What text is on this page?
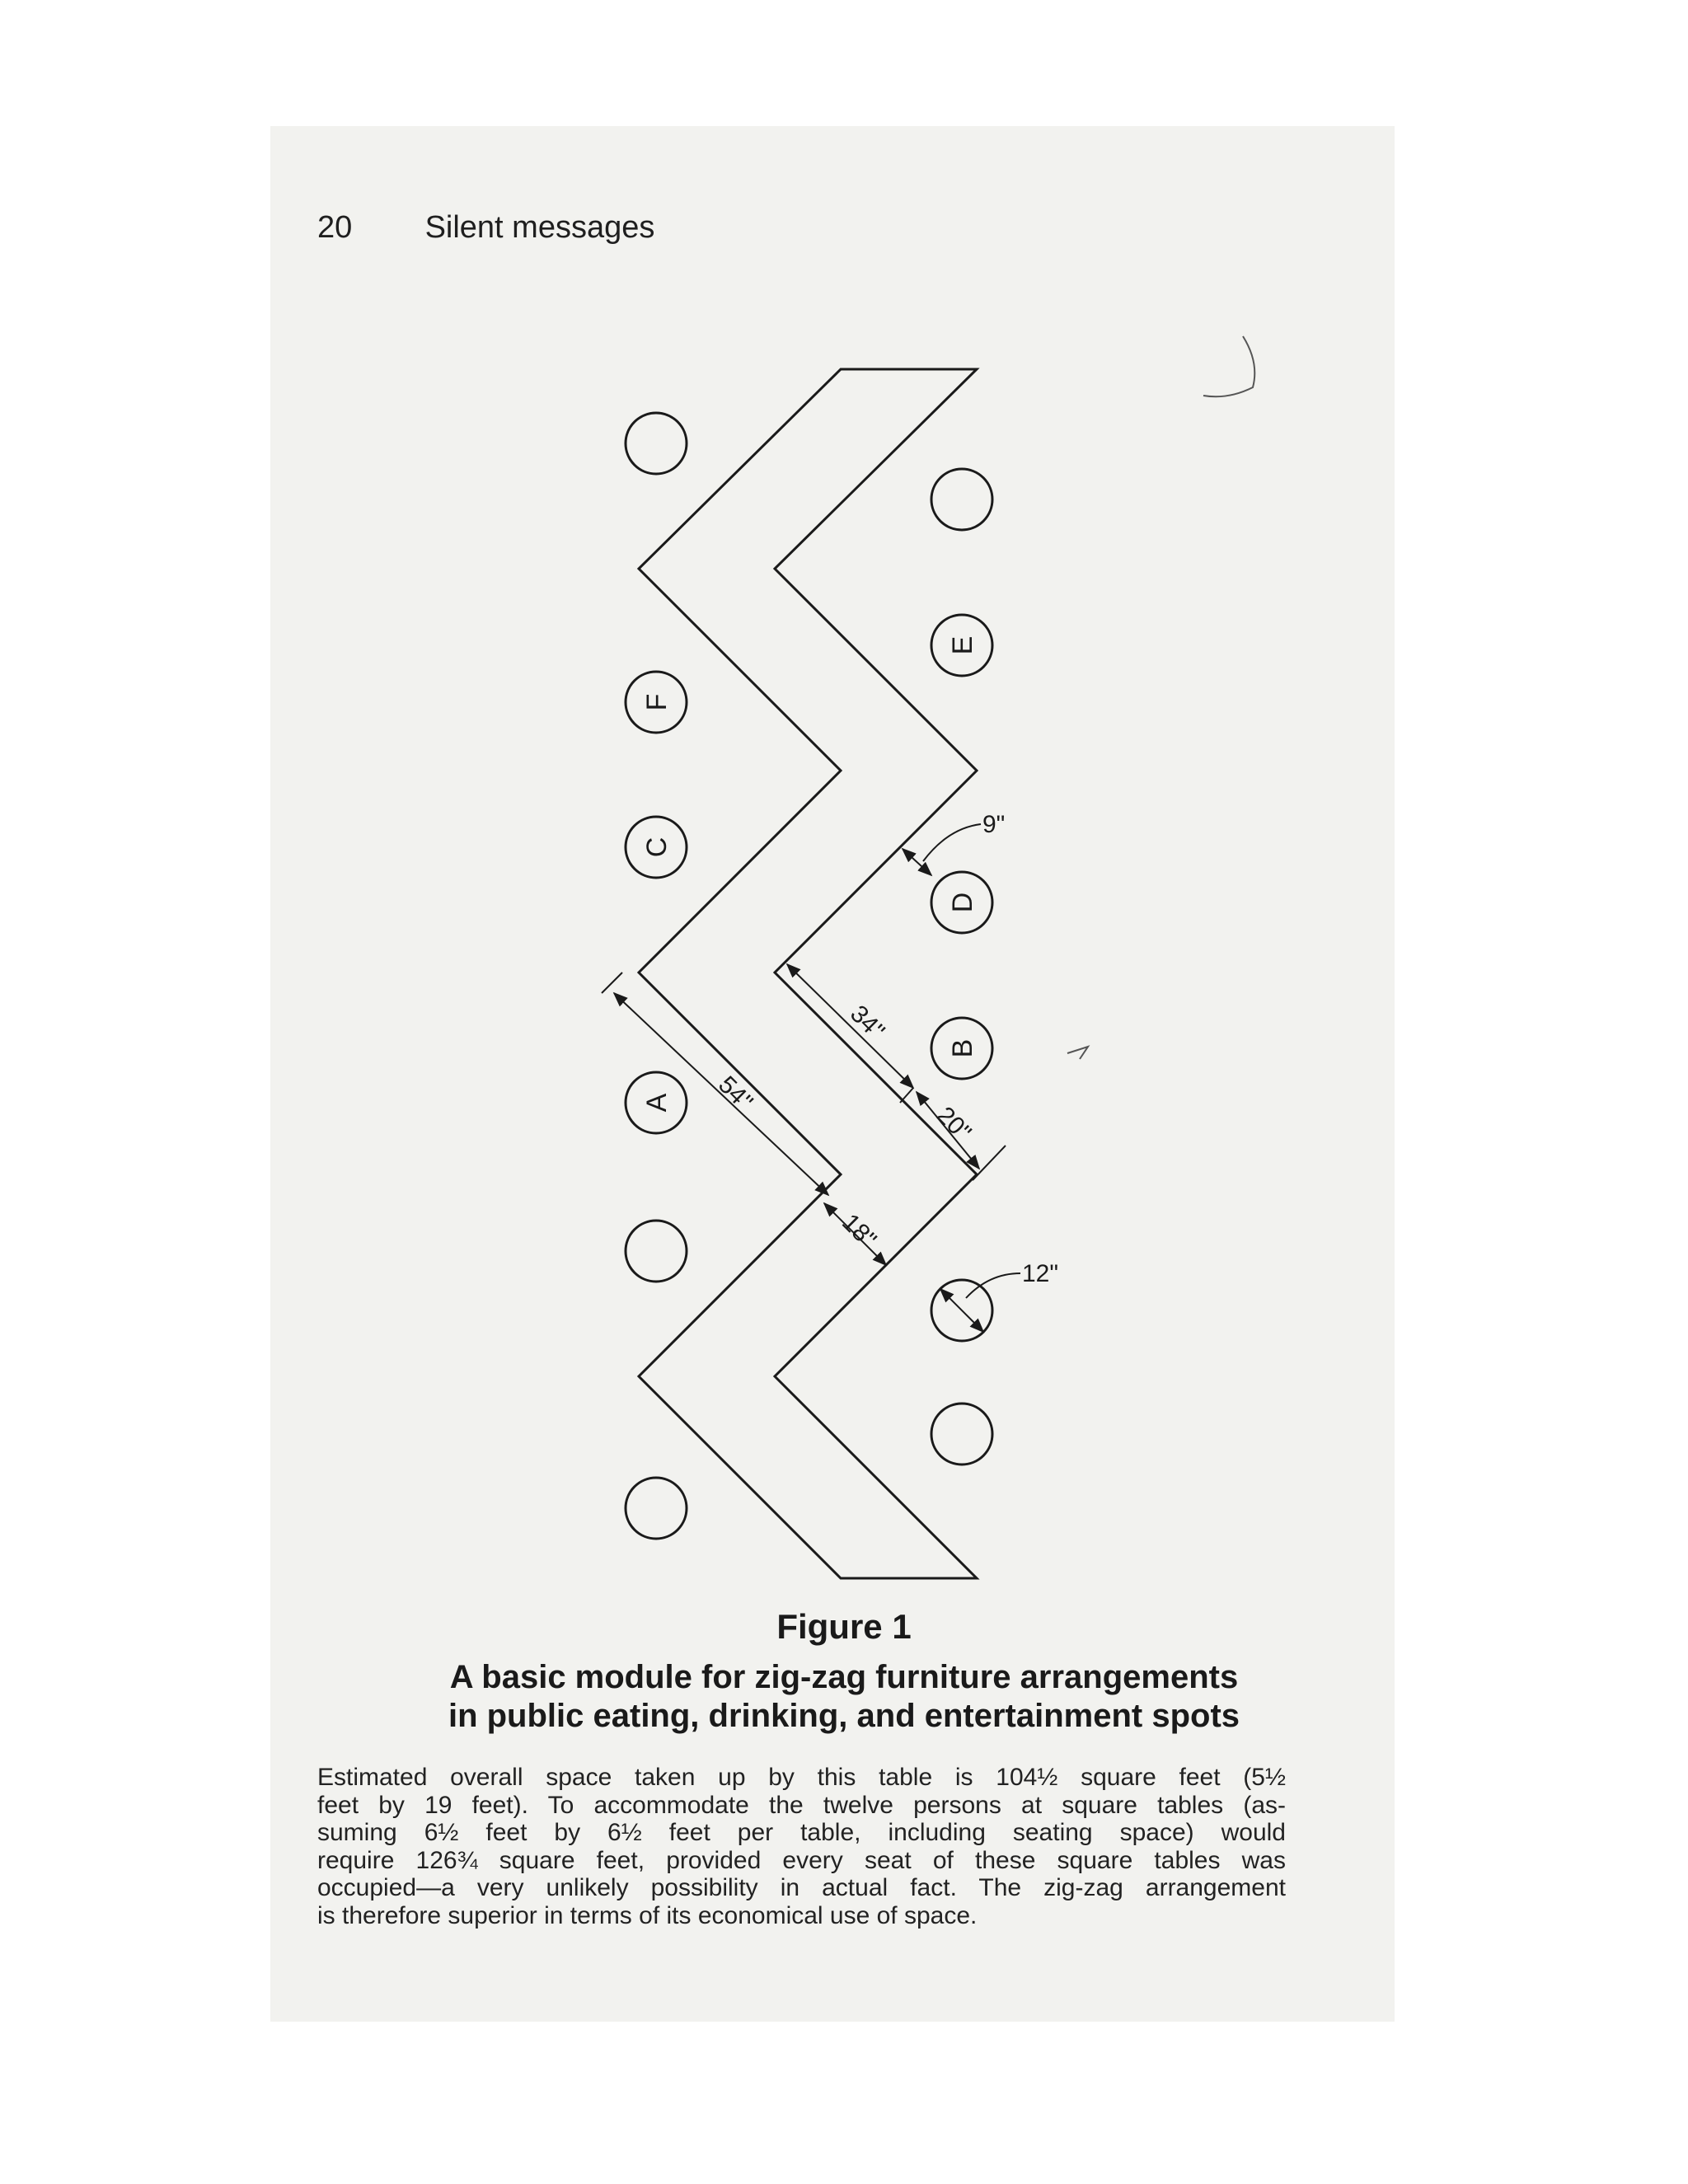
20 Silent messages
F
C
A
E
D
B
9"
12"
34"
54"
20"
18"
Figure 1
A basic module for zig-zag furniture arrangements
in public eating, drinking, and entertainment spots
Estimated overall space taken up by this table is 104½ square feet (5½
feet by 19 feet). To accommodate the twelve persons at square tables (as-
suming 6½ feet by 6½ feet per table, including seating space) would
require 126¾ square feet, provided every seat of these square tables was
occupied—a very unlikely possibility in actual fact. The zig-zag arrangement
is therefore superior in terms of its economical use of space.
